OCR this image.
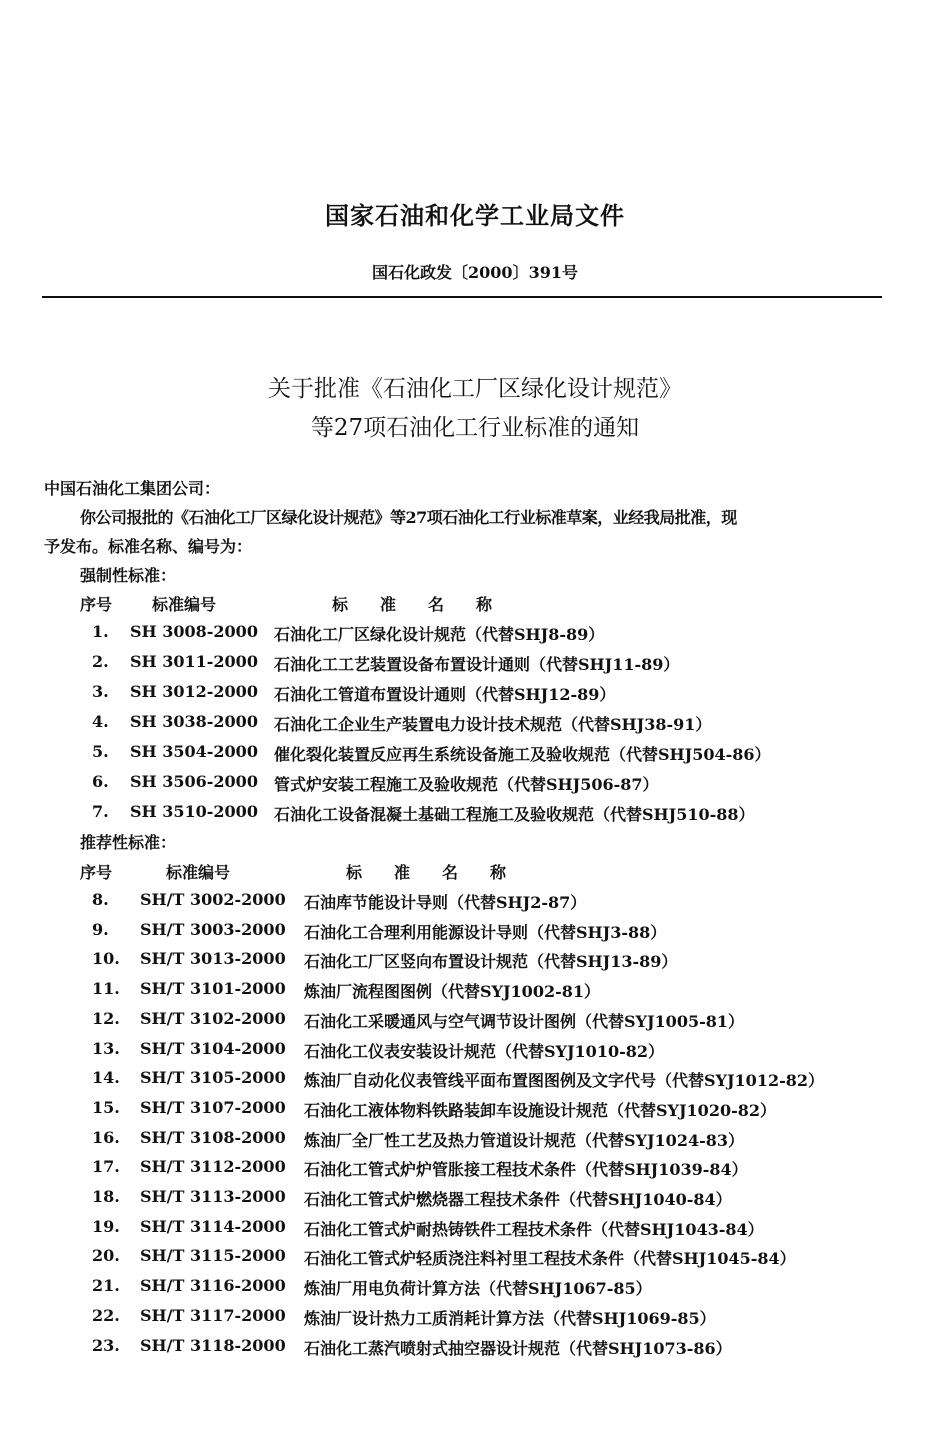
国家石油和化学工业局文件
国石化政发〔2000〕391号
关于批准《石油化工厂区绿化设计规范》
等27项石油化工行业标准的通知
中国石油化工集团公司：
你公司报批的《石油化工厂区绿化设计规范》等27项石油化工行业标准草案，业经我局批准，现
予发布。标准名称、编号为：
强制性标准：
序号 标准编号	标　　准　　名　　称
1. SH 3008-2000 石油化工厂区绿化设计规范（代替SHJ8-89）
2. SH 3011-2000 石油化工工艺装置设备布置设计通则（代替SHJ11-89）
3. SH 3012-2000 石油化工管道布置设计通则（代替SHJ12-89）
4. SH 3038-2000 石油化工企业生产装置电力设计技术规范（代替SHJ38-91）
5. SH 3504-2000 催化裂化装置反应再生系统设备施工及验收规范（代替SHJ504-86）
6. SH 3506-2000 管式炉安装工程施工及验收规范（代替SHJ506-87）
7. SH 3510-2000 石油化工设备混凝土基础工程施工及验收规范（代替SHJ510-88）
推荐性标准：
序号	标准编号	标　　准　　名　　称
8. SH/T 3002-2000 石油库节能设计导则（代替SHJ2-87）
9. SH/T 3003-2000 石油化工合理利用能源设计导则（代替SHJ3-88）
10. SH/T 3013-2000 石油化工厂区竖向布置设计规范（代替SHJ13-89）
11. SH/T 3101-2000 炼油厂流程图图例（代替SYJ1002-81）
12. SH/T 3102-2000 石油化工采暖通风与空气调节设计图例（代替SYJ1005-81）
13. SH/T 3104-2000 石油化工仪表安装设计规范（代替SYJ1010-82）
14. SH/T 3105-2000 炼油厂自动化仪表管线平面布置图图例及文字代号（代替SYJ1012-82）
15. SH/T 3107-2000 石油化工液体物料铁路装卸车设施设计规范（代替SYJ1020-82）
16. SH/T 3108-2000 炼油厂全厂性工艺及热力管道设计规范（代替SYJ1024-83）
17. SH/T 3112-2000 石油化工管式炉炉管胀接工程技术条件（代替SHJ1039-84）
18. SH/T 3113-2000 石油化工管式炉燃烧器工程技术条件（代替SHJ1040-84）
19. SH/T 3114-2000 石油化工管式炉耐热铸铁件工程技术条件（代替SHJ1043-84）
20. SH/T 3115-2000 石油化工管式炉轻质浇注料衬里工程技术条件（代替SHJ1045-84）
21. SH/T 3116-2000 炼油厂用电负荷计算方法（代替SHJ1067-85）
22. SH/T 3117-2000 炼油厂设计热力工质消耗计算方法（代替SHJ1069-85）
23. SH/T 3118-2000 石油化工蒸汽喷射式抽空器设计规范（代替SHJ1073-86）
